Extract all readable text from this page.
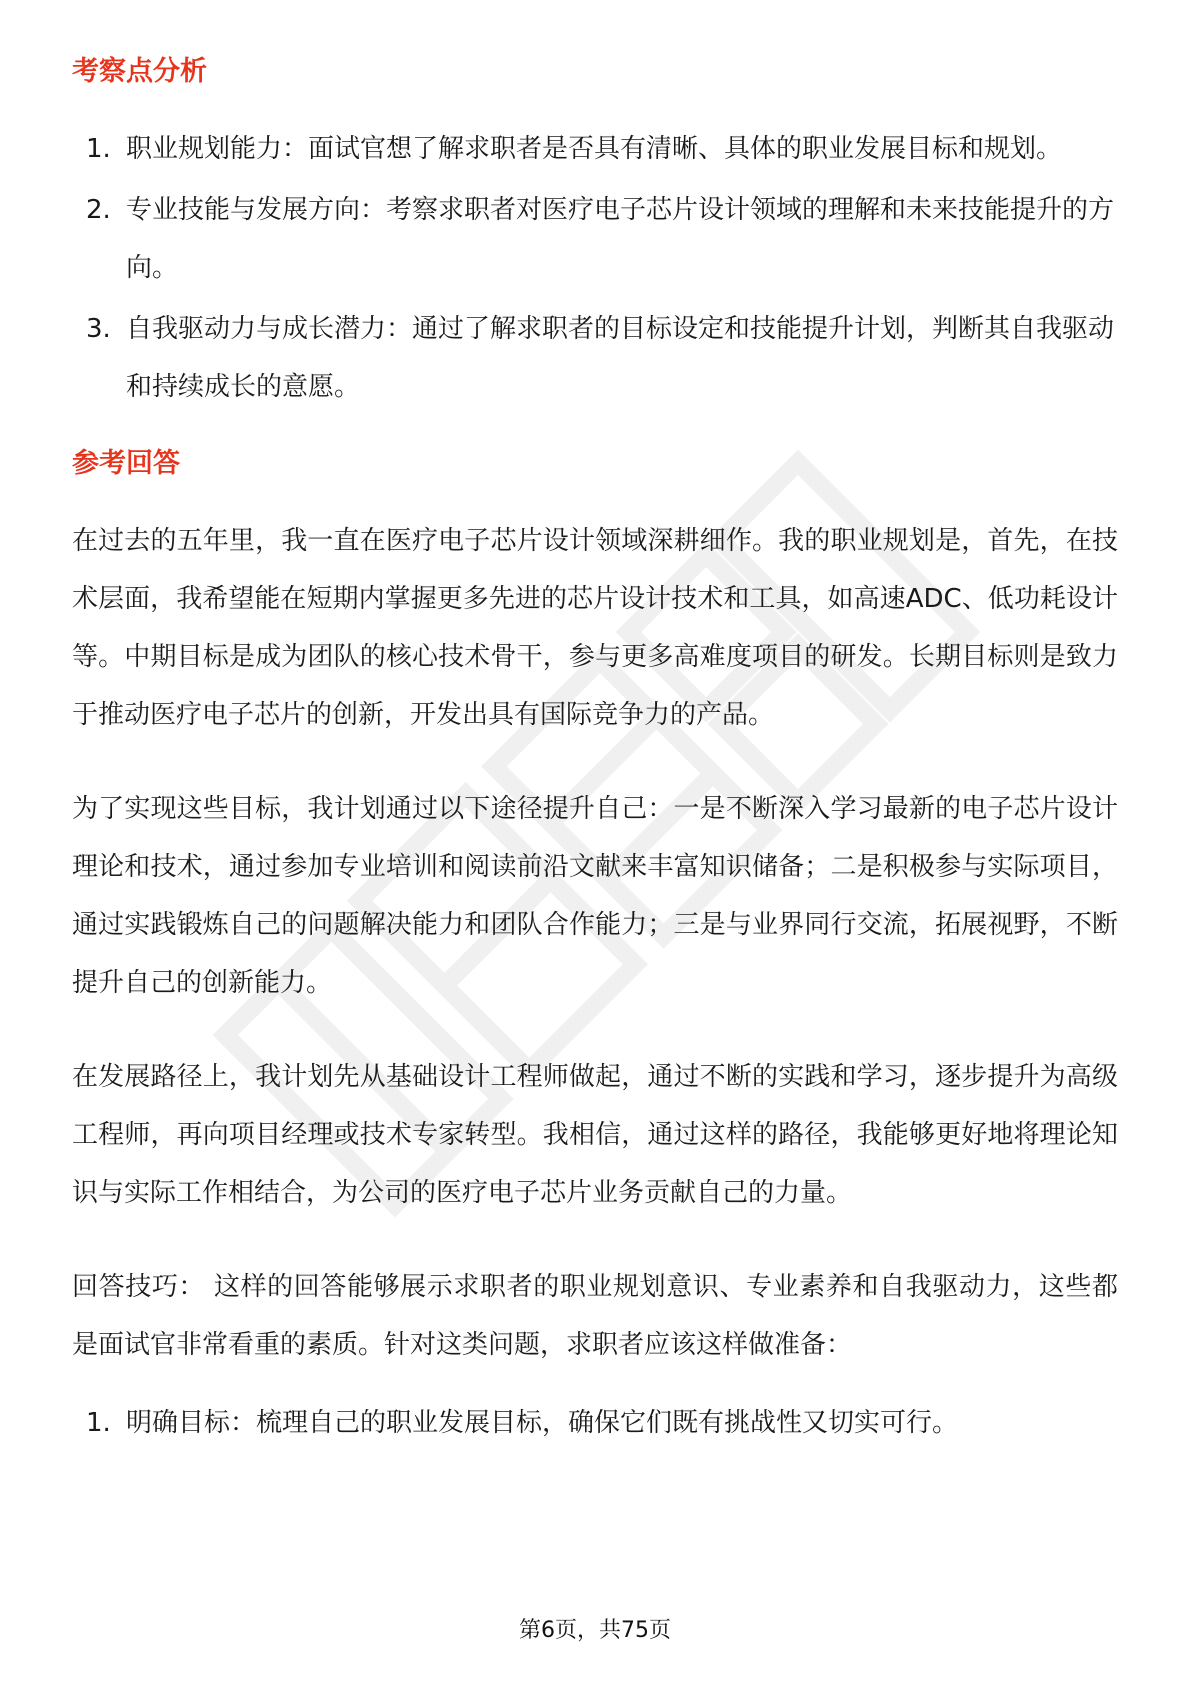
考察点分析
1. 职业规划能力：面试官想了解求职者是否具有清晰、具体的职业发展目标和规划。
2. 专业技能与发展方向：考察求职者对医疗电子芯片设计领域的理解和未来技能提升的方向。
3. 自我驱动力与成长潜力：通过了解求职者的目标设定和技能提升计划，判断其自我驱动和持续成长的意愿。
参考回答

在过去的五年里，我一直在医疗电子芯片设计领域深耕细作。我的职业规划是，首先，在技术层面，我希望能在短期内掌握更多先进的芯片设计技术和工具，如高速ADC、低功耗设计等。中期目标是成为团队的核心技术骨干，参与更多高难度项目的研发。长期目标则是致力于推动医疗电子芯片的创新，开发出具有国际竞争力的产品。

为了实现这些目标，我计划通过以下途径提升自己：一是不断深入学习最新的电子芯片设计理论和技术，通过参加专业培训和阅读前沿文献来丰富知识储备；二是积极参与实际项目，通过实践锻炼自己的问题解决能力和团队合作能力；三是与业界同行交流，拓展视野，不断提升自己的创新能力。

在发展路径上，我计划先从基础设计工程师做起，通过不断的实践和学习，逐步提升为高级工程师，再向项目经理或技术专家转型。我相信，通过这样的路径，我能够更好地将理论知识与实际工作相结合，为公司的医疗电子芯片业务贡献自己的力量。

回答技巧： 这样的回答能够展示求职者的职业规划意识、专业素养和自我驱动力，这些都是面试官非常看重的素质。针对这类问题，求职者应该这样做准备：

1. 明确目标：梳理自己的职业发展目标，确保它们既有挑战性又切实可行。
第6页，共75页
